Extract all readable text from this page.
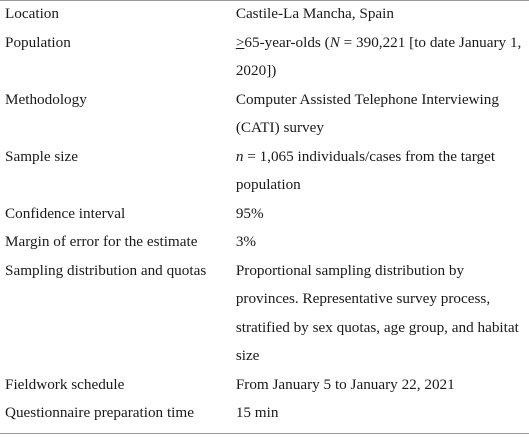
Location	Castile-La Mancha, Spain
Population	≥65-year-olds (N = 390,221 [to date January 1, 2020])
Methodology	Computer Assisted Telephone Interviewing (CATI) survey
Sample size	n = 1,065 individuals/cases from the target population
Confidence interval	95%
Margin of error for the estimate	3%
Sampling distribution and quotas	Proportional sampling distribution by provinces. Representative survey process, stratified by sex quotas, age group, and habitat size
Fieldwork schedule	From January 5 to January 22, 2021
Questionnaire preparation time	15 min
